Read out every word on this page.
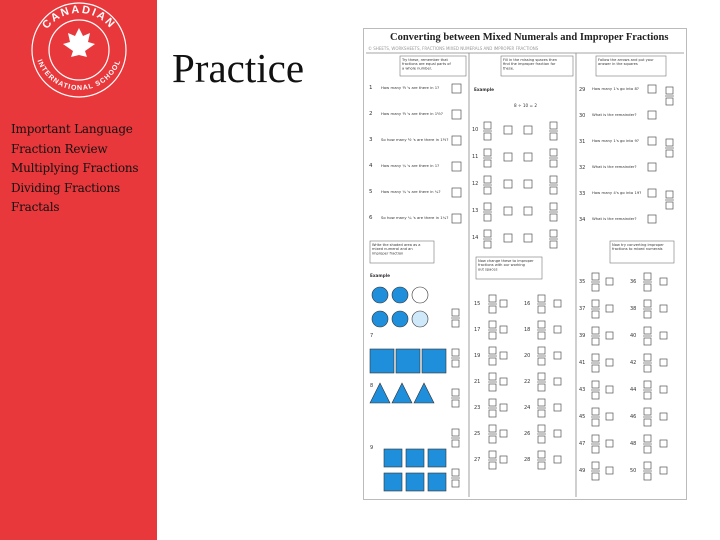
CANADIAN
INTERNATIONAL SCHOOL
C I S
Important Language
Fraction Review
Multiplying Fractions
Dividing Fractions
Fractals
Practice
Converting between Mixed Numerals and Improper Fractions
© SHEETS, WORKSHEETS, FRACTIONS MIXED NUMERALS AND IMPROPER FRACTIONS
Try these, remember that fractions are equal parts of a whole number.
Fill in the missing spaces then find the improper fraction for these.
Follow the arrows and put your answer in the squares
Write the shaded area as a mixed numeral and an improper fraction
Now change these to improper fractions with our working out spaces
Now try converting improper fractions to mixed numerals
1 How many ½ 's are there in 1?
2 How many ½ 's are there in 1½?
3 So how many ½ 's are there in 1½?
4 How many ¼ 's are there in 1?
5 How many ¼ 's are there in ¼?
6 So how many ¼ 's are there in 1¼?
Example
8 ÷ 10 = 2
10
11
12
13
14
29 How many 1's go into 8?
30 What is the remainder?
31 How many 1's go into 9?
32 What is the remainder?
33 How many 4's go into 19?
34 What is the remainder?
Example
7
8
9
15	16
17	18
19	20
21	22
23	24
25	26
27	28
35	36
37	38
39	40
41	42
43	44
45	46
47	48
49	50
